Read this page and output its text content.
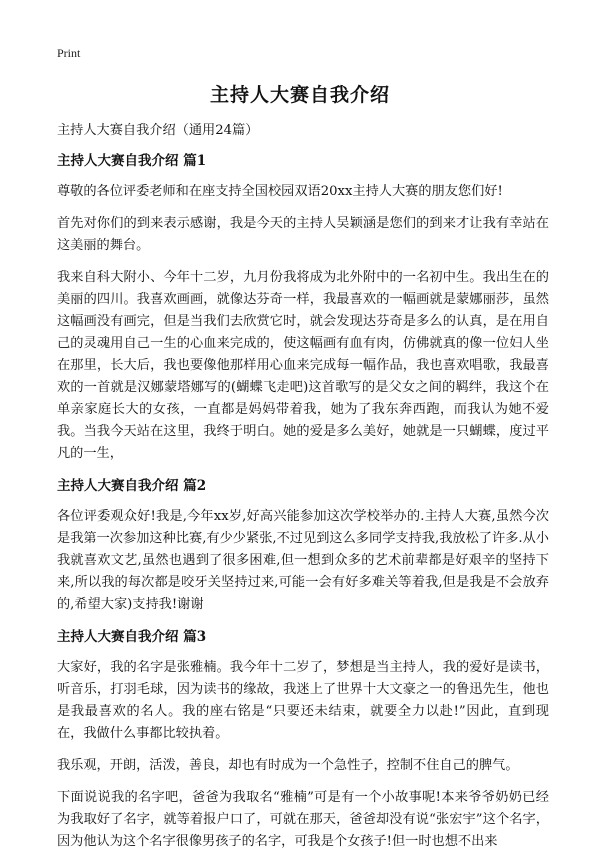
Print
主持人大赛自我介绍

主持人大赛自我介绍（通用24篇）

主持人大赛自我介绍 篇1

尊敬的各位评委老师和在座支持全国校园双语20xx主持人大赛的朋友您们好!

首先对你们的到来表示感谢，我是今天的主持人吴颖涵是您们的到来才让我有幸站在这美丽的舞台。

我来自科大附小、今年十二岁，九月份我将成为北外附中的一名初中生。我出生在的美丽的四川。我喜欢画画，就像达芬奇一样，我最喜欢的一幅画就是蒙娜丽莎，虽然这幅画没有画完，但是当我们去欣赏它时，就会发现达芬奇是多么的认真，是在用自己的灵魂用自己一生的心血来完成的，使这幅画有血有肉，仿佛就真的像一位妇人坐在那里，长大后，我也要像他那样用心血来完成每一幅作品，我也喜欢唱歌，我最喜欢的一首就是汉娜蒙塔娜写的(蝴蝶飞走吧)这首歌写的是父女之间的羁绊，我这个在单亲家庭长大的女孩，一直都是妈妈带着我，她为了我东奔西跑，而我认为她不爱我。当我今天站在这里，我终于明白。她的爱是多么美好，她就是一只蝴蝶，度过平凡的一生，

主持人大赛自我介绍 篇2

各位评委观众好!我是,今年xx岁,好高兴能参加这次学校举办的.主持人大赛,虽然今次是我第一次参加这种比赛,有少少紧张,不过见到这么多同学支持我,我放松了许多.从小我就喜欢文艺,虽然也遇到了很多困难,但一想到众多的艺术前辈都是好艰辛的坚持下来,所以我的每次都是咬牙关坚持过来,可能一会有好多难关等着我,但是我是不会放弃的,希望大家)支持我!谢谢

主持人大赛自我介绍 篇3

大家好，我的名字是张雅楠。我今年十二岁了，梦想是当主持人，我的爱好是读书，听音乐，打羽毛球，因为读书的缘故，我迷上了世界十大文豪之一的鲁迅先生，他也是我最喜欢的名人。我的座右铭是“只要还未结束，就要全力以赴!”因此，直到现在，我做什么事都比较执着。

我乐观，开朗，活泼，善良，却也有时成为一个急性子，控制不住自己的脾气。

下面说说我的名字吧，爸爸为我取名“雅楠”可是有一个小故事呢!本来爷爷奶奶已经为我取好了名字，就等着报户口了，可就在那天，爸爸却没有说“张宏宇”这个名字，因为他认为这个名字很像男孩子的名字，可我是个女孩子!但一时也想不出来
